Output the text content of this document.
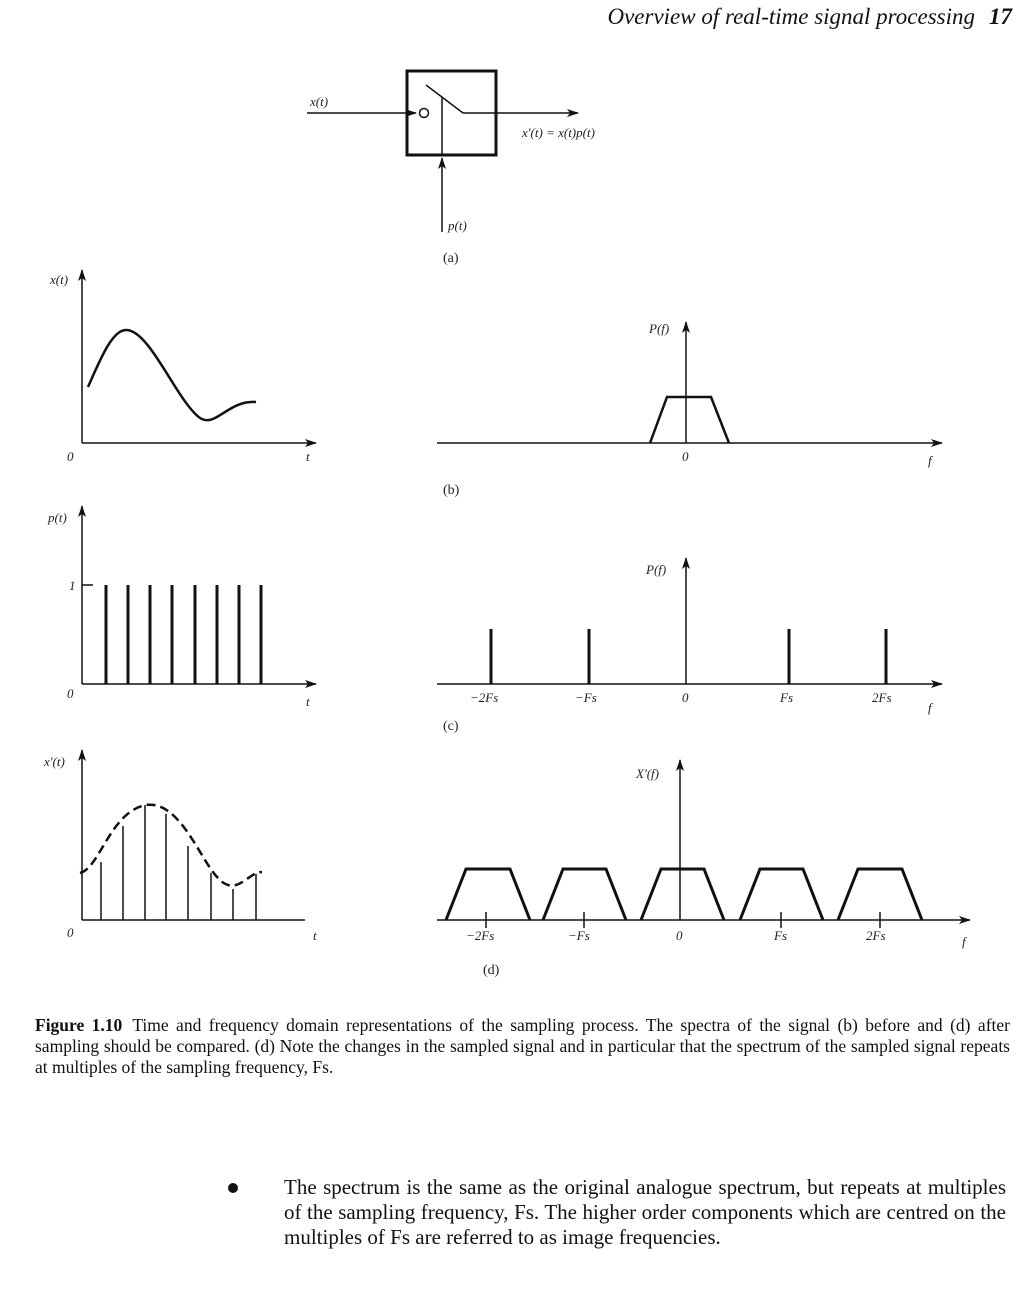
Overview of real-time signal processing 17
x(t)
x'(t) = x(t)p(t)
p(t)
(a)
x(t)
0	t
P(f)
0	f
(b)
p(t)
1
0
t
P(f)
−2Fs	−Fs	0	Fs	2Fs
f
(c)
x'(t)
0	t
X'(f)
−2Fs	−Fs	0	Fs	2Fs	f
(d)
Figure 1.10 Time and frequency domain representations of the sampling process. The spectra of the signal (b) before and (d) after sampling should be compared. (d) Note the changes in the sampled signal and in particular that the spectrum of the sampled signal repeats at multiples of the sampling frequency, Fs.
The spectrum is the same as the original analogue spectrum, but repeats at multiples of the sampling frequency, Fs. The higher order components which are centred on the multiples of Fs are referred to as image frequencies.
